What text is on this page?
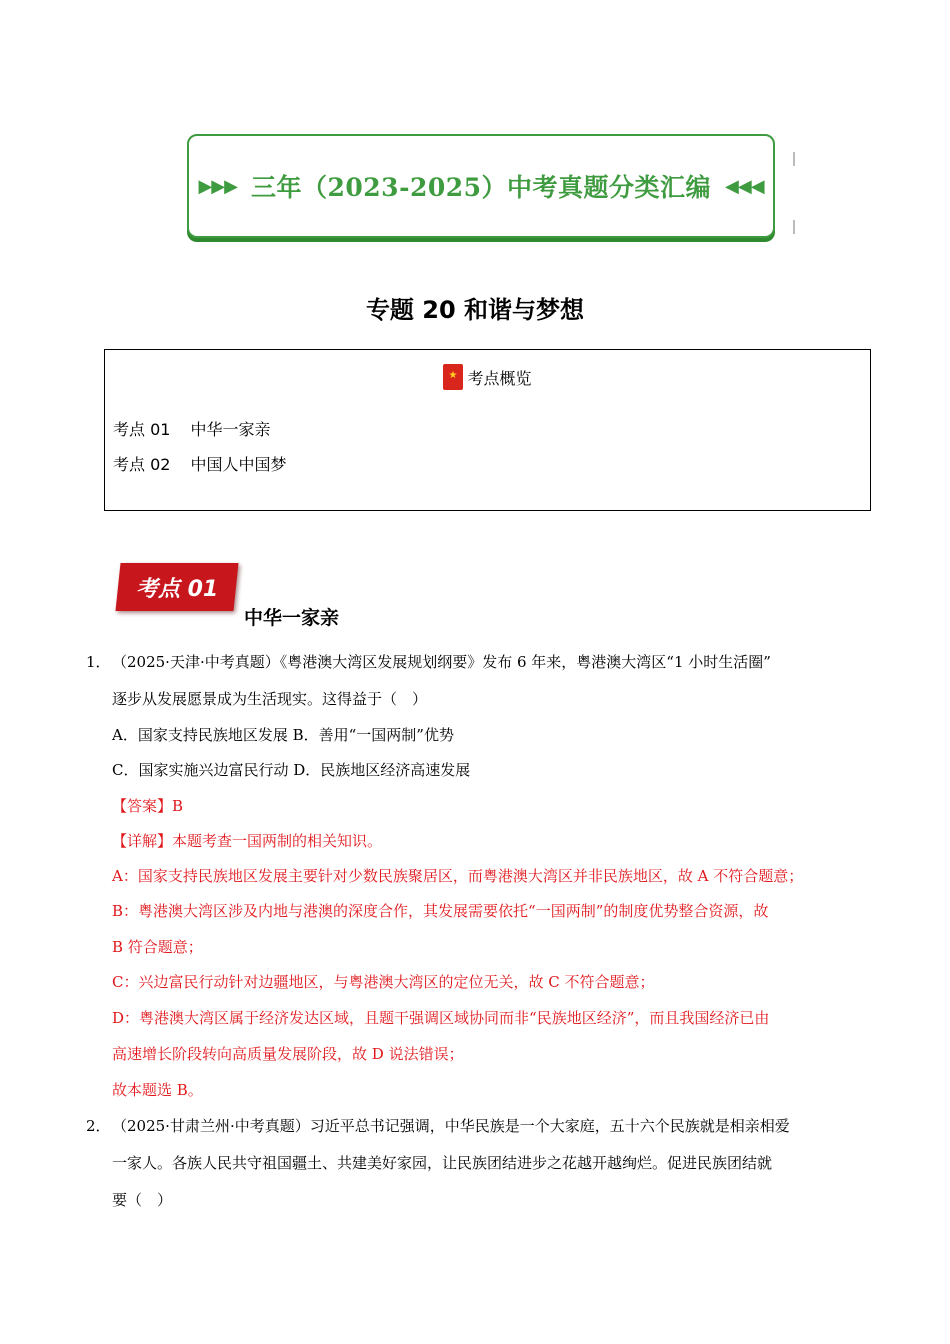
▶▶▶ 三年（2023-2025）中考真题分类汇编 ◀◀◀
专题 20 和谐与梦想
★
考点概览
考点 01 中华一家亲
考点 02 中国人中国梦
考点 01
中华一家亲
1． （2025·天津·中考真题）《粤港澳大湾区发展规划纲要》发布 6 年来，粤港澳大湾区“1 小时生活圈”
逐步从发展愿景成为生活现实。这得益于（　）
A．国家支持民族地区发展 B．善用“一国两制”优势
C．国家实施兴边富民行动 D．民族地区经济高速发展
【答案】B
【详解】本题考查一国两制的相关知识。
A：国家支持民族地区发展主要针对少数民族聚居区，而粤港澳大湾区并非民族地区，故 A 不符合题意；
B：粤港澳大湾区涉及内地与港澳的深度合作，其发展需要依托“一国两制”的制度优势整合资源，故
B 符合题意；
C：兴边富民行动针对边疆地区，与粤港澳大湾区的定位无关，故 C 不符合题意；
D：粤港澳大湾区属于经济发达区域，且题干强调区域协同而非“民族地区经济”，而且我国经济已由
高速增长阶段转向高质量发展阶段，故 D 说法错误；
故本题选 B。
2． （2025·甘肃兰州·中考真题）习近平总书记强调，中华民族是一个大家庭，五十六个民族就是相亲相爱
一家人。各族人民共守祖国疆土、共建美好家园，让民族团结进步之花越开越绚烂。促进民族团结就
要（　）
